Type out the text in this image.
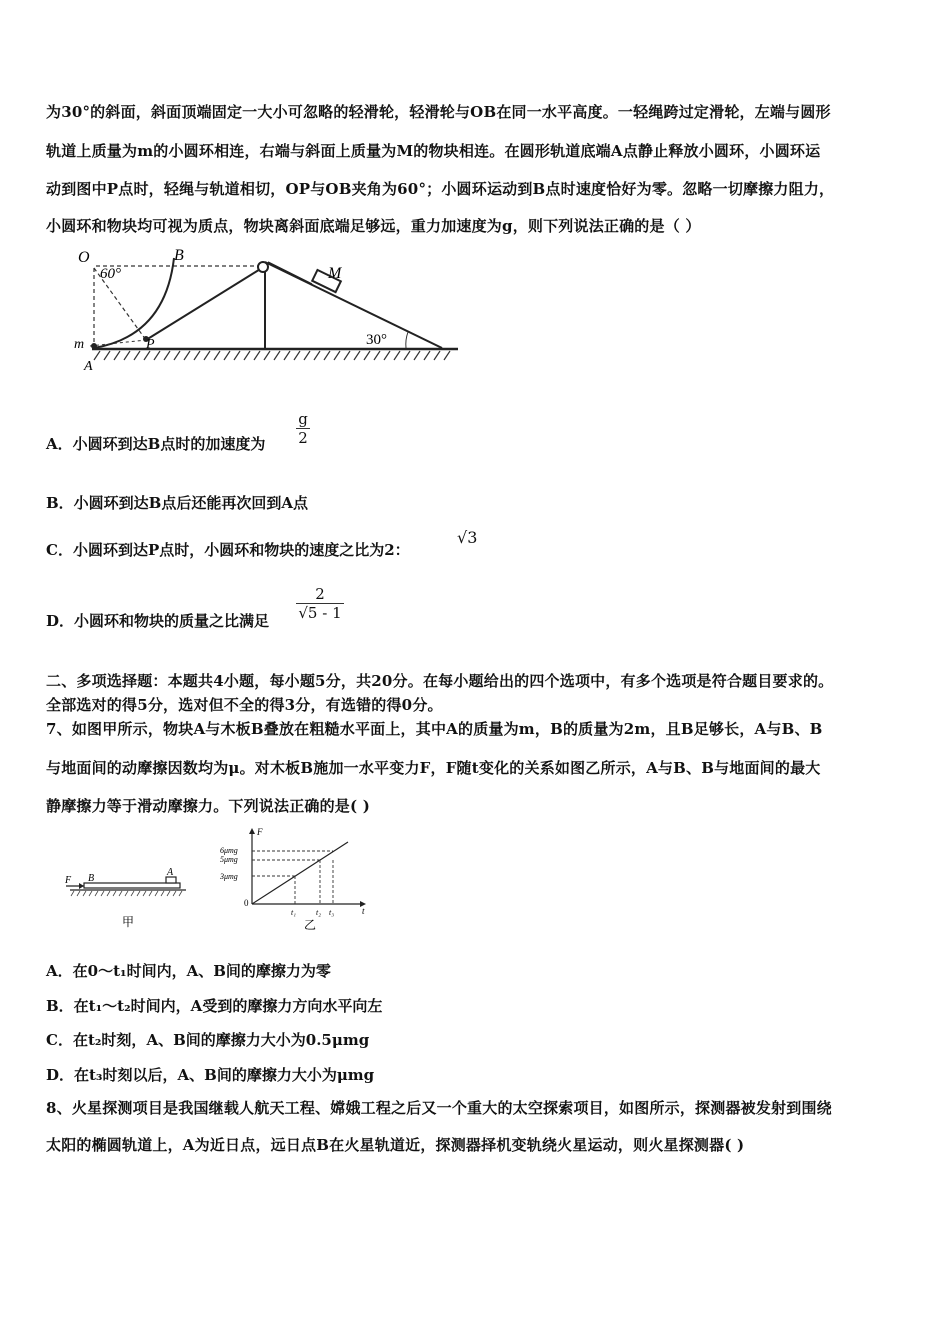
为30°的斜面，斜面顶端固定一大小可忽略的轻滑轮，轻滑轮与OB在同一水平高度。一轻绳跨过定滑轮，左端与圆形
轨道上质量为m的小圆环相连，右端与斜面上质量为M的物块相连。在圆形轨道底端A点静止释放小圆环，小圆环运
动到图中P点时，轻绳与轨道相切，OP与OB夹角为60°；小圆环运动到B点时速度恰好为零。忽略一切摩擦力阻力，
小圆环和物块均可视为质点，物块离斜面底端足够远，重力加速度为g，则下列说法正确的是（ ）
O
60°
B
M
m	P
A
30°
A．小圆环到达B点时的加速度为 $\frac{g}{2}$
B．小圆环到达B点后还能再次回到A点
C．小圆环到达P点时，小圆环和物块的速度之比为2：
√3
D．小圆环和物块的质量之比满足 $\frac{2}{√5 - 1}$
二、多项选择题：本题共4小题，每小题5分，共20分。在每小题给出的四个选项中，有多个选项是符合题目要求的。
全部选对的得5分，选对但不全的得3分，有选错的得0分。
7、如图甲所示，物块A与木板B叠放在粗糙水平面上，其中A的质量为m，B的质量为2m，且B足够长，A与B、B
与地面间的动摩擦因数均为μ。对木板B施加一水平变力F，F随t变化的关系如图乙所示，A与B、B与地面间的最大
静摩擦力等于滑动摩擦力。下列说法正确的是( )
F B
A
甲
F
6μmg
5μmg
3μmg
0
t
t₁ t₂ t₃
乙
A．在0～t₁时间内，A、B间的摩擦力为零
B．在t₁～t₂时间内，A受到的摩擦力方向水平向左
C．在t₂时刻，A、B间的摩擦力大小为0.5μmg
D．在t₃时刻以后，A、B间的摩擦力大小为μmg
8、火星探测项目是我国继载人航天工程、嫦娥工程之后又一个重大的太空探索项目，如图所示，探测器被发射到围绕
太阳的椭圆轨道上，A为近日点，远日点B在火星轨道近，探测器择机变轨绕火星运动，则火星探测器( )
